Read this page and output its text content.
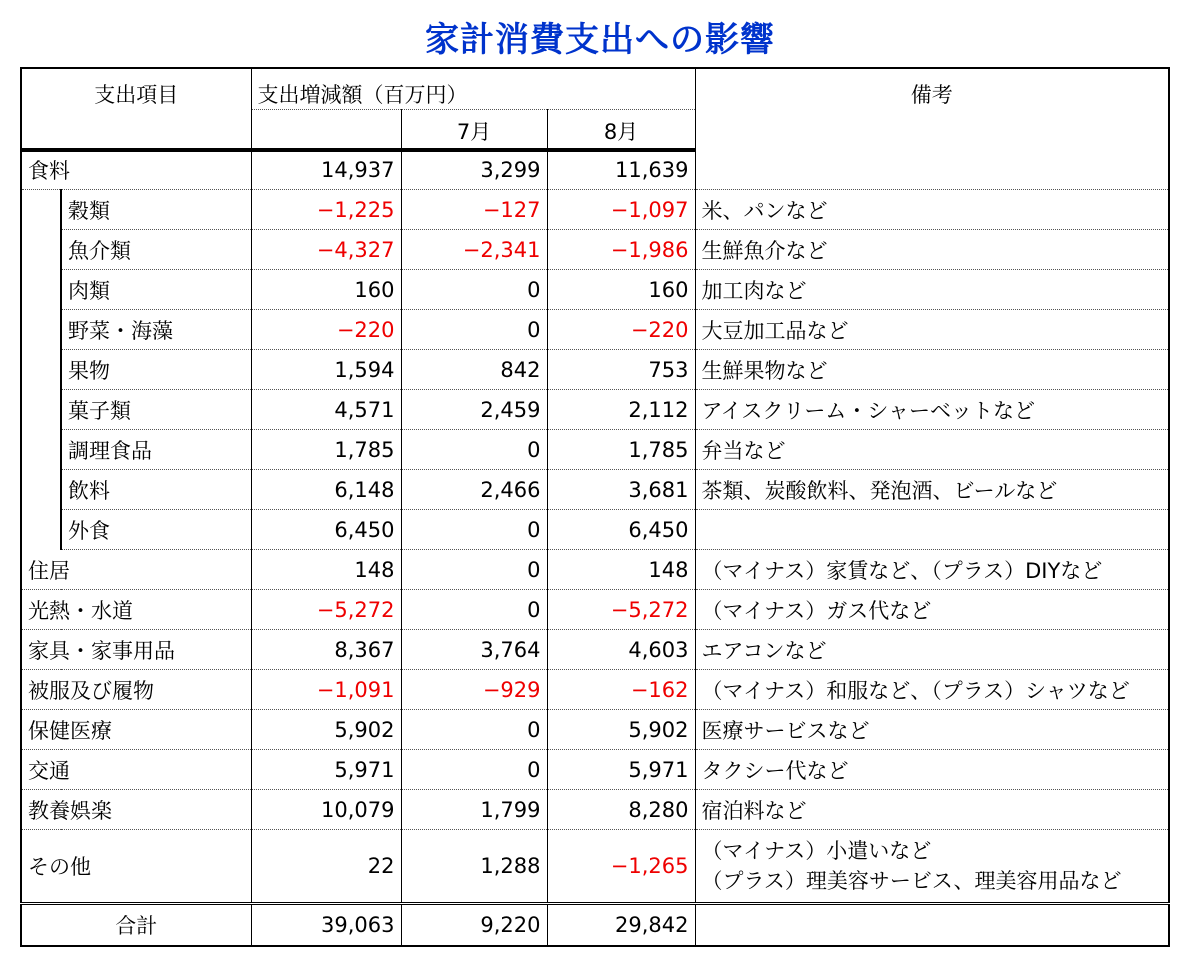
家計消費支出への影響
支出項目		支出増減額（百万円）			備考
			7月	8月	
食料		14,937	3,299	11,639	
	穀類	−1,225	−127	−1,097	米、パンなど
	魚介類	−4,327	−2,341	−1,986	生鮮魚介など
	肉類	160	0	160	加工肉など
	野菜・海藻	−220	0	−220	大豆加工品など
	果物	1,594	842	753	生鮮果物など
	菓子類	4,571	2,459	2,112	アイスクリーム・シャーベットなど
	調理食品	1,785	0	1,785	弁当など
	飲料	6,148	2,466	3,681	茶類、炭酸飲料、発泡酒、ビールなど
	外食	6,450	0	6,450	
住居		148	0	148	（マイナス）家賃など、（プラス）DIYなど
光熱・水道		−5,272	0	−5,272	（マイナス）ガス代など
家具・家事用品		8,367	3,764	4,603	エアコンなど
被服及び履物		−1,091	−929	−162	（マイナス）和服など、（プラス）シャツなど
保健医療		5,902	0	5,902	医療サービスなど
交通		5,971	0	5,971	タクシー代など
教養娯楽		10,079	1,799	8,280	宿泊料など
その他		22	1,288	−1,265	（マイナス）小遣いなど
（プラス）理美容サービス、理美容用品など

合計		39,063	9,220	29,842	
